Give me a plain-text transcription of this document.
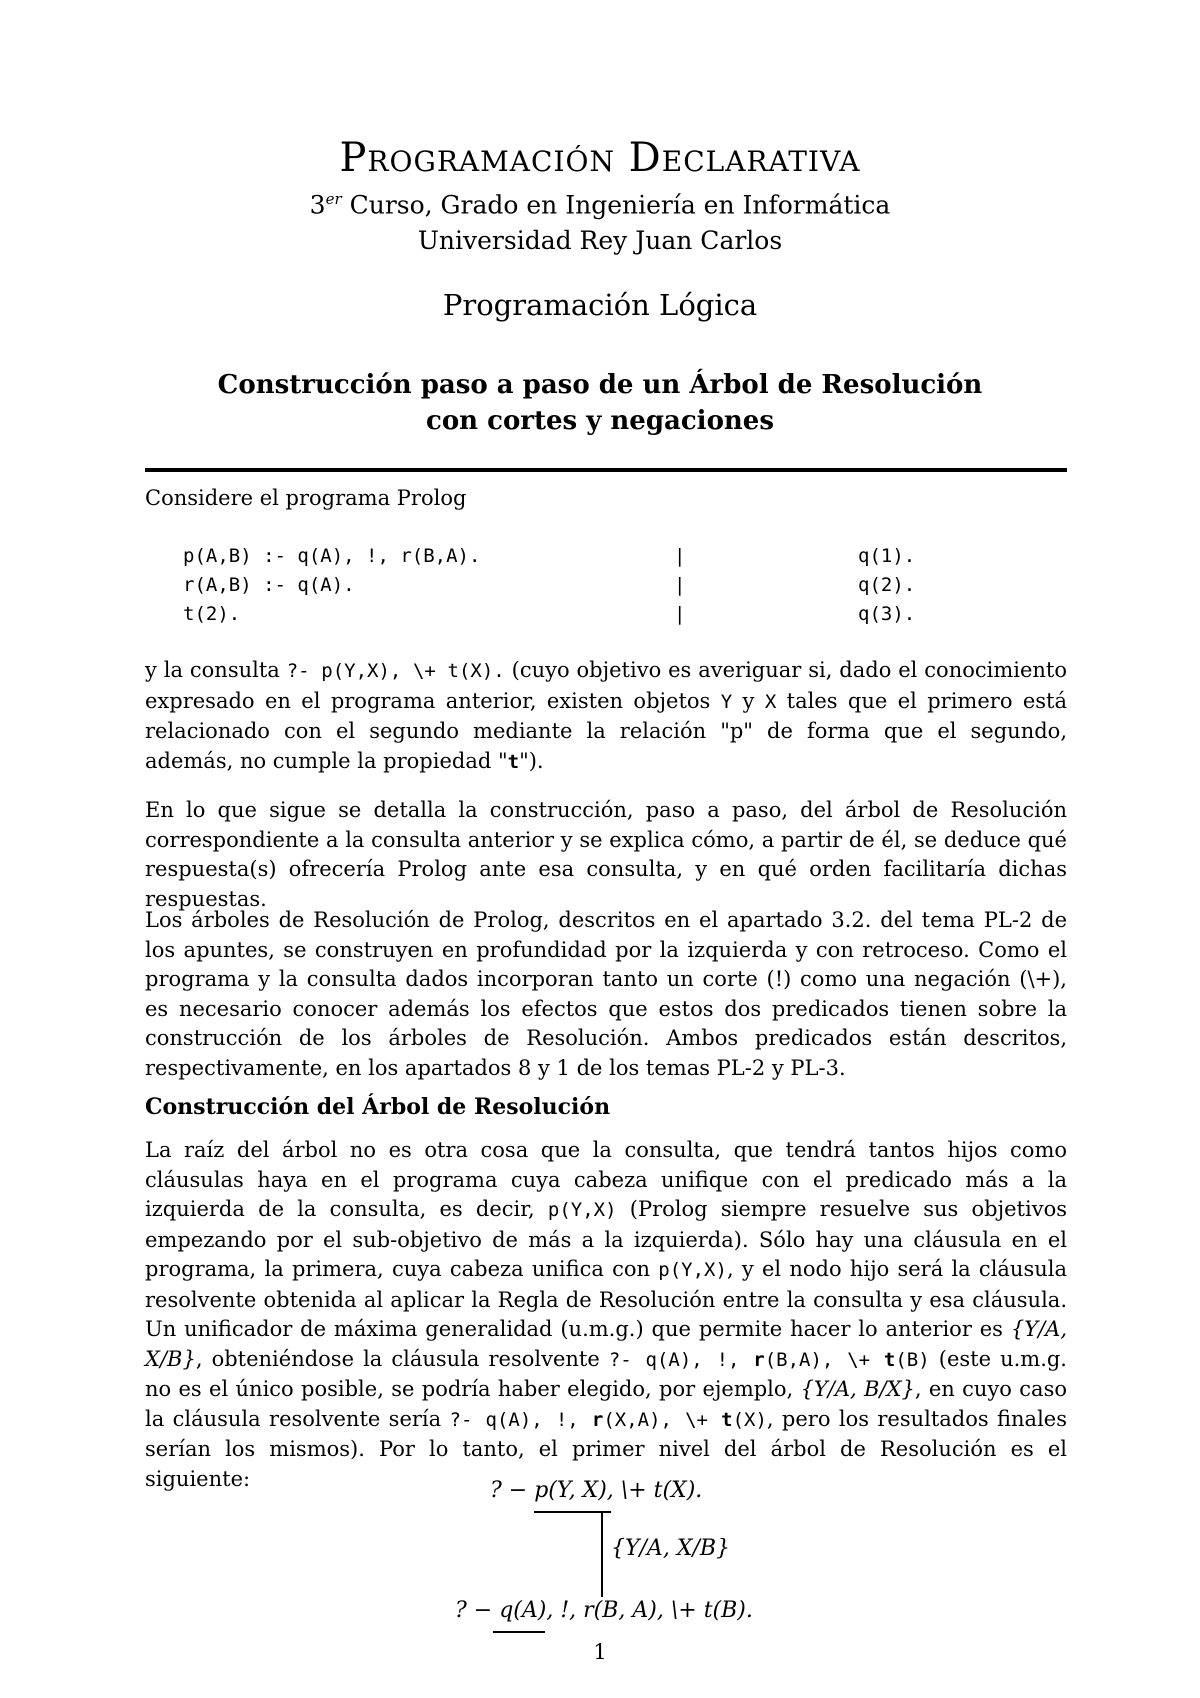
Programación Declarativa
3er Curso, Grado en Ingeniería en Informática
Universidad Rey Juan Carlos
Programación Lógica
Construcción paso a paso de un Árbol de Resolución
con cortes y negaciones
Considere el programa Prolog
p(A,B) :- q(A), !, r(B,A).
r(A,B) :- q(A).
t(2).
|
|
|
q(1).
q(2).
q(3).
y la consulta ?- p(Y,X), \+ t(X). (cuyo objetivo es averiguar si, dado el conocimiento expresado en el programa anterior, existen objetos Y y X tales que el primero está relacionado con el segundo mediante la relación "p" de forma que el segundo, además, no cumple la propiedad "t").
En lo que sigue se detalla la construcción, paso a paso, del árbol de Resolución correspondiente a la consulta anterior y se explica cómo, a partir de él, se deduce qué respuesta(s) ofrecería Prolog ante esa consulta, y en qué orden facilitaría dichas respuestas.
Los árboles de Resolución de Prolog, descritos en el apartado 3.2. del tema PL-2 de los apuntes, se construyen en profundidad por la izquierda y con retroceso. Como el programa y la consulta dados incorporan tanto un corte (!) como una negación (\+), es necesario conocer además los efectos que estos dos predicados tienen sobre la construcción de los árboles de Resolución. Ambos predicados están descritos, respectivamente, en los apartados 8 y 1 de los temas PL-2 y PL-3.
Construcción del Árbol de Resolución
La raíz del árbol no es otra cosa que la consulta, que tendrá tantos hijos como cláusulas haya en el programa cuya cabeza unifique con el predicado más a la izquierda de la consulta, es decir, p(Y,X) (Prolog siempre resuelve sus objetivos empezando por el sub-objetivo de más a la izquierda). Sólo hay una cláusula en el programa, la primera, cuya cabeza unifica con p(Y,X), y el nodo hijo será la cláusula resolvente obtenida al aplicar la Regla de Resolución entre la consulta y esa cláusula. Un unificador de máxima generalidad (u.m.g.) que permite hacer lo anterior es {Y/A, X/B}, obteniéndose la cláusula resolvente ?- q(A), !, r(B,A), \+ t(B) (este u.m.g. no es el único posible, se podría haber elegido, por ejemplo, {Y/A, B/X}, en cuyo caso la cláusula resolvente sería ?- q(A), !, r(X,A), \+ t(X), pero los resultados finales serían los mismos). Por lo tanto, el primer nivel del árbol de Resolución es el siguiente:	? − p(Y, X), \+ t(X).
{Y/A, X/B}
? − q(A), !, r(B, A), \+ t(B).
1
